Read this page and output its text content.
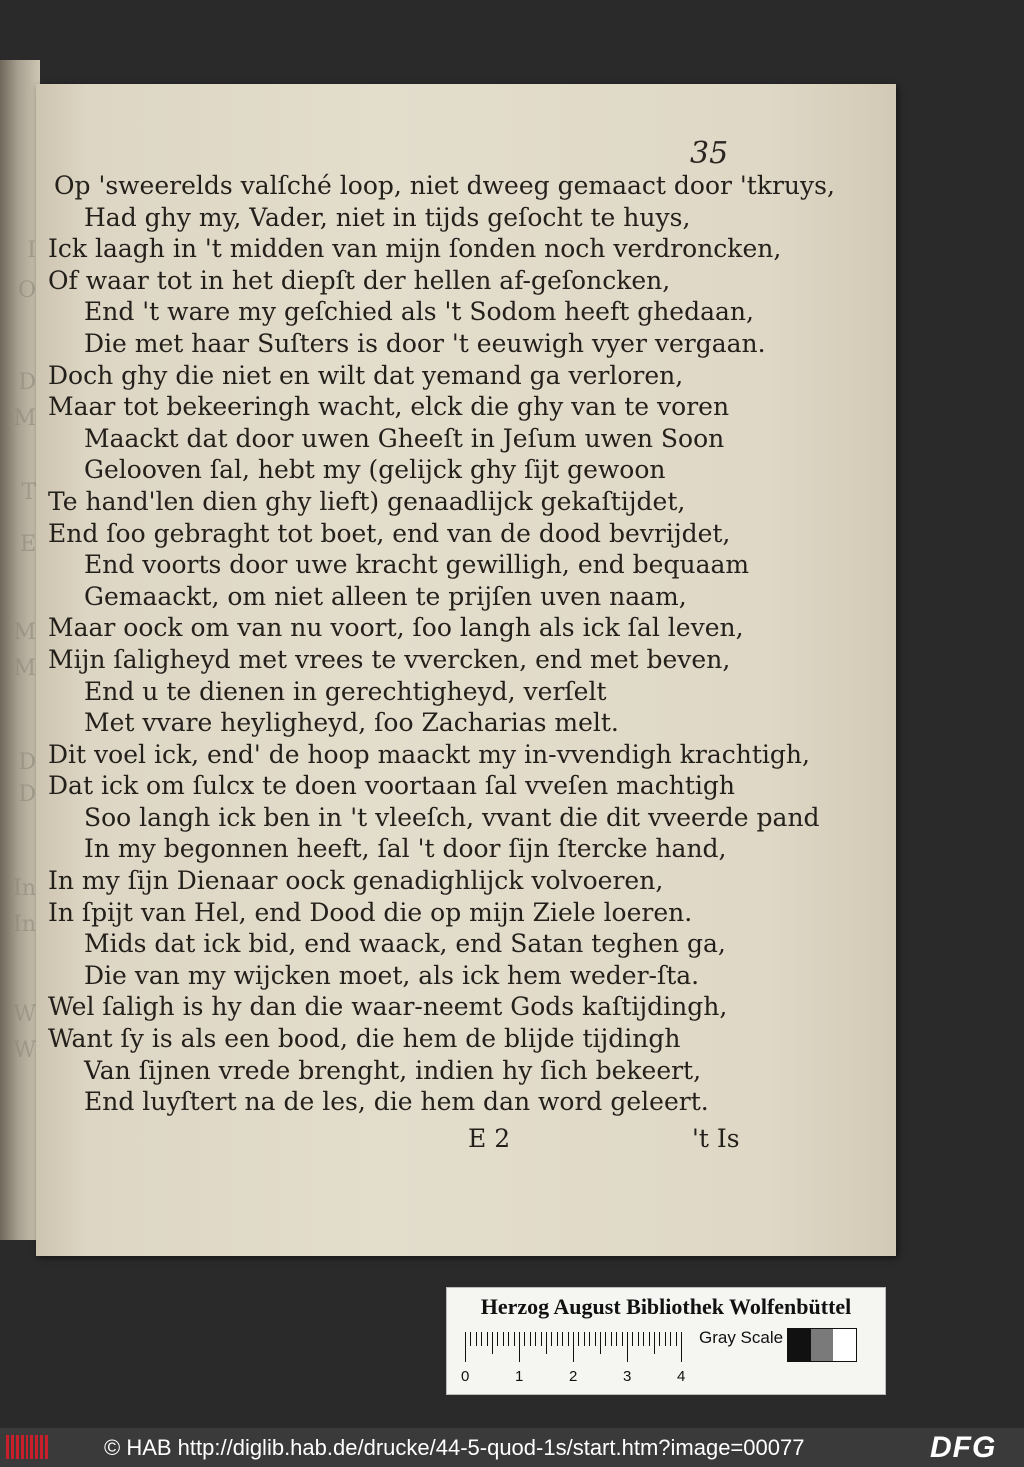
I
O
D
M
T
E
M
M
D
D
In
In
W
W
35
Op 'sweerelds valſché loop, niet dweeg gemaact door 'tkruys,
Had ghy my, Vader, niet in tijds geſocht te huys,
Ick laagh in 't midden van mijn ſonden noch verdroncken,
Of waar tot in het diepſt der hellen af-geſoncken,
End 't ware my geſchied als 't Sodom heeft ghedaan,
Die met haar Suſters is door 't eeuwigh vyer vergaan.
Doch ghy die niet en wilt dat yemand ga verloren,
Maar tot bekeeringh wacht, elck die ghy van te voren
Maackt dat door uwen Gheeſt in Jeſum uwen Soon
Gelooven ſal, hebt my (gelijck ghy ſijt gewoon
Te hand'len dien ghy lieft) genaadlijck gekaſtijdet,
End ſoo gebraght tot boet, end van de dood bevrijdet,
End voorts door uwe kracht gewilligh, end bequaam
Gemaackt, om niet alleen te prijſen uven naam,
Maar oock om van nu voort, ſoo langh als ick ſal leven,
Mijn ſaligheyd met vrees te vvercken, end met beven,
End u te dienen in gerechtigheyd, verſelt
Met vvare heyligheyd, ſoo Zacharias melt.
Dit voel ick, end' de hoop maackt my in-vvendigh krachtigh,
Dat ick om ſulcx te doen voortaan ſal vveſen machtigh
Soo langh ick ben in 't vleeſch, vvant die dit vveerde pand
In my begonnen heeft, ſal 't door ſijn ſtercke hand,
In my ſijn Dienaar oock genadighlijck volvoeren,
In ſpijt van Hel, end Dood die op mijn Ziele loeren.
Mids dat ick bid, end waack, end Satan teghen ga,
Die van my wijcken moet, als ick hem weder-ſta.
Wel ſaligh is hy dan die waar-neemt Gods kaſtijdingh,
Want ſy is als een bood, die hem de blijde tijdingh
Van ſijnen vrede brenght, indien hy ſich bekeert,
End luyſtert na de les, die hem dan word geleert.
E 2	't Is
Herzog August Bibliothek Wolfenbüttel
0	1	2	3	4
Gray Scale
© HAB http://diglib.hab.de/drucke/44-5-quod-1s/start.htm?image=00077	DFG
